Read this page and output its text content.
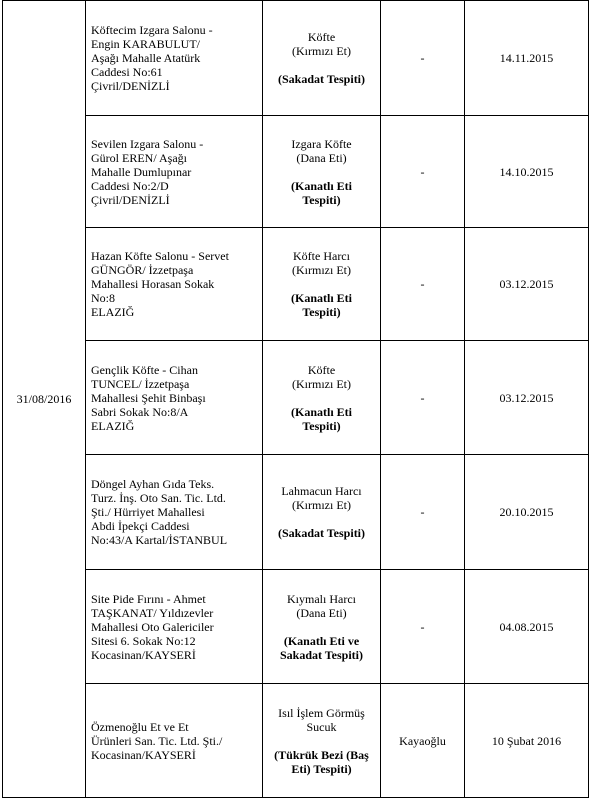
31/08/2016	Köftecim Izgara Salonu -
Engin KARABULUT/
Aşağı Mahalle Atatürk
Caddesi No:61
Çivril/DENİZLİ	Köfte
(Kırmızı Et)
(Sakadat Tespiti)	-	14.11.2015

	Sevilen Izgara Salonu -
Gürol EREN/ Aşağı
Mahalle Dumlupınar
Caddesi No:2/D
Çivril/DENİZLİ	Izgara Köfte
(Dana Eti)
(Kanatlı Eti
Tespiti)	-	14.10.2015

	Hazan Köfte Salonu - Servet
GÜNGÖR/ İzzetpaşa
Mahallesi Horasan Sokak
No:8
ELAZIĞ	Köfte Harcı
(Kırmızı Et)
(Kanatlı Eti
Tespiti)	-	03.12.2015

	Gençlik Köfte - Cihan
TUNCEL/ İzzetpaşa
Mahallesi Şehit Binbaşı
Sabri Sokak No:8/A
ELAZIĞ	Köfte
(Kırmızı Et)
(Kanatlı Eti
Tespiti)	-	03.12.2015

	Döngel Ayhan Gıda Teks.
Turz. İnş. Oto San. Tic. Ltd.
Şti./ Hürriyet Mahallesi
Abdi İpekçi Caddesi
No:43/A Kartal/İSTANBUL	Lahmacun Harcı
(Kırmızı Et)
(Sakadat Tespiti)	-	20.10.2015

	Site Pide Fırını - Ahmet
TAŞKANAT/ Yıldızevler
Mahallesi Oto Galericiler
Sitesi 6. Sokak No:12
Kocasinan/KAYSERİ	Kıymalı Harcı
(Dana Eti)
(Kanatlı Eti ve
Sakadat Tespiti)	-	04.08.2015

	Özmenoğlu Et ve Et
Ürünleri San. Tic. Ltd. Şti./
Kocasinan/KAYSERİ	Isıl İşlem Görmüş
Sucuk
(Tükrük Bezi (Baş
Eti) Tespiti)	Kayaoğlu	10 Şubat 2016
